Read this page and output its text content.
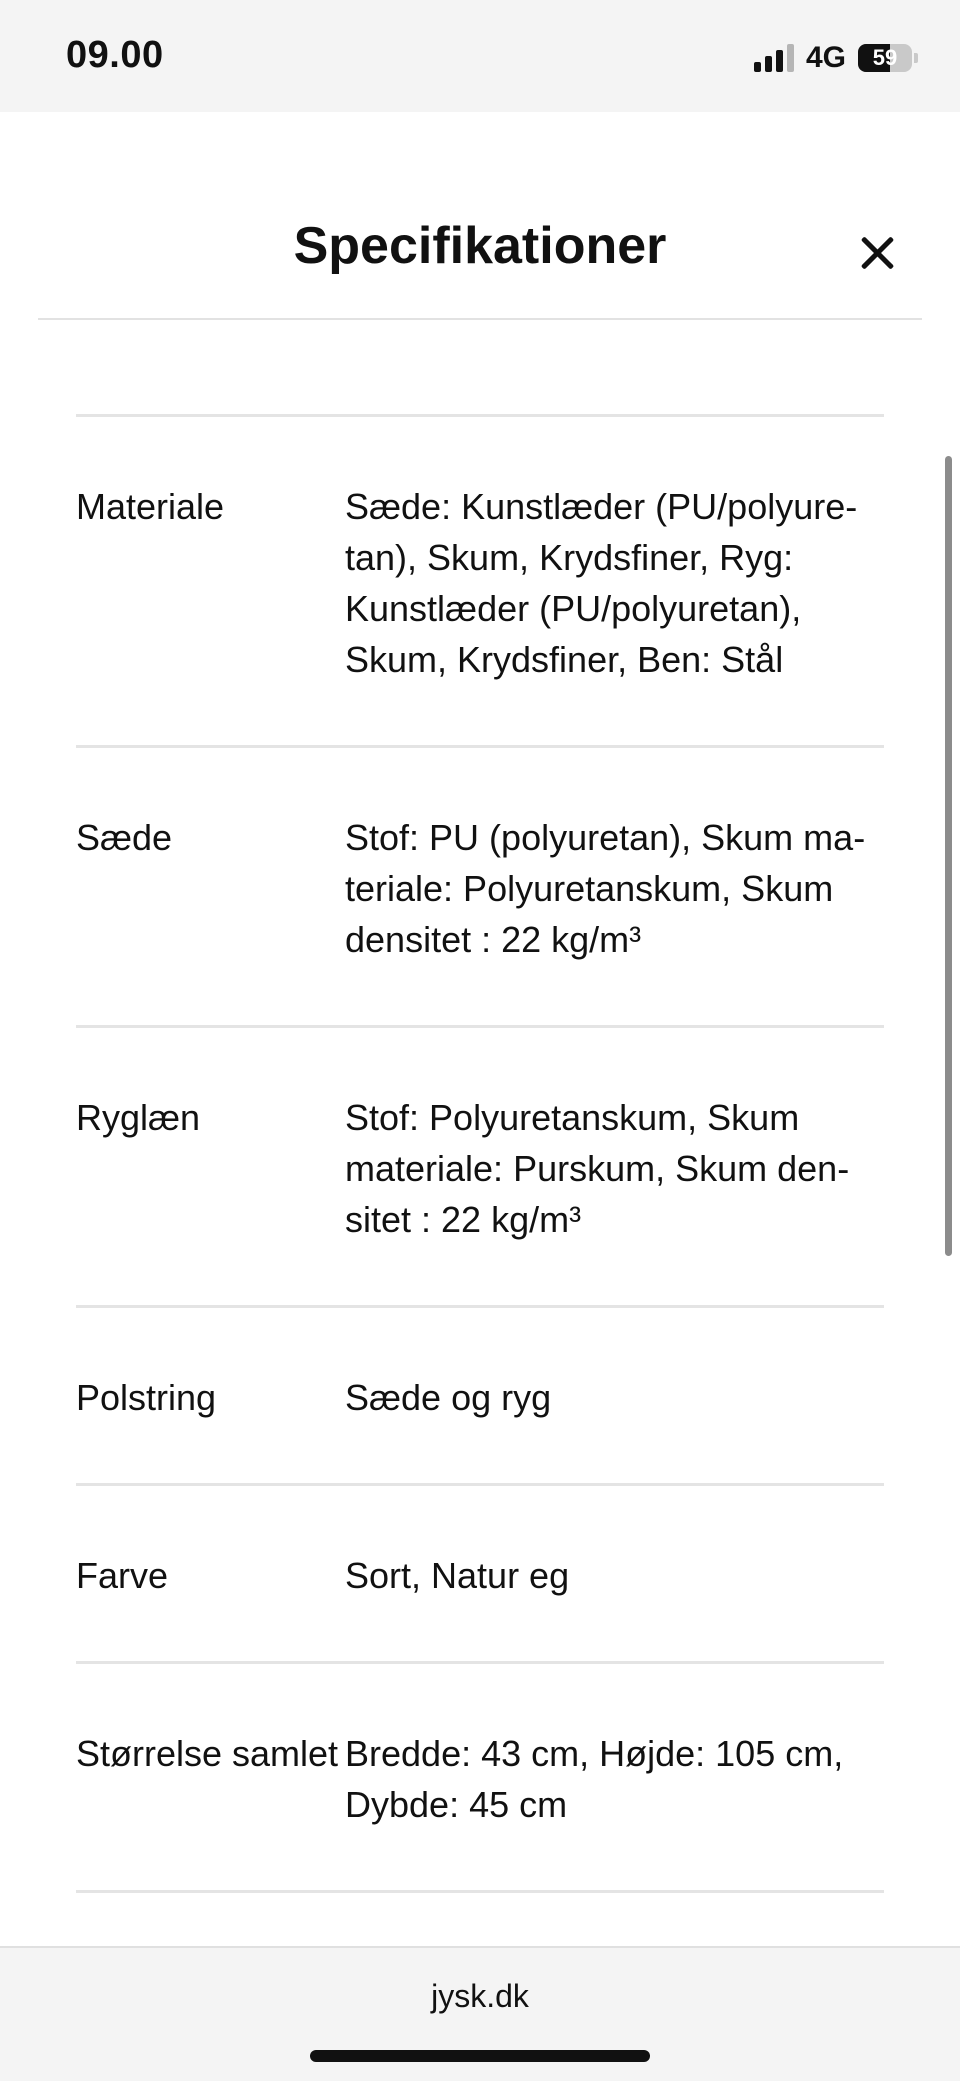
09.00	4G 59
Specifikationer
Materiale	Sæde: Kunstlæder (PU/polyuretan), Skum, Krydsfiner, Ryg: Kunstlæder (PU/polyuretan), Skum, Krydsfiner, Ben: Stål
Sæde	Stof: PU (polyuretan), Skum materiale: Polyuretanskum, Skum densitet : 22 kg/m³
Ryglæn	Stof: Polyuretanskum, Skum materiale: Purskum, Skum densitet : 22 kg/m³
Polstring	Sæde og ryg
Farve	Sort, Natur eg
Størrelse samlet Bredde: 43 cm, Højde: 105 cm, Dybde: 45 cm
jysk.dk
